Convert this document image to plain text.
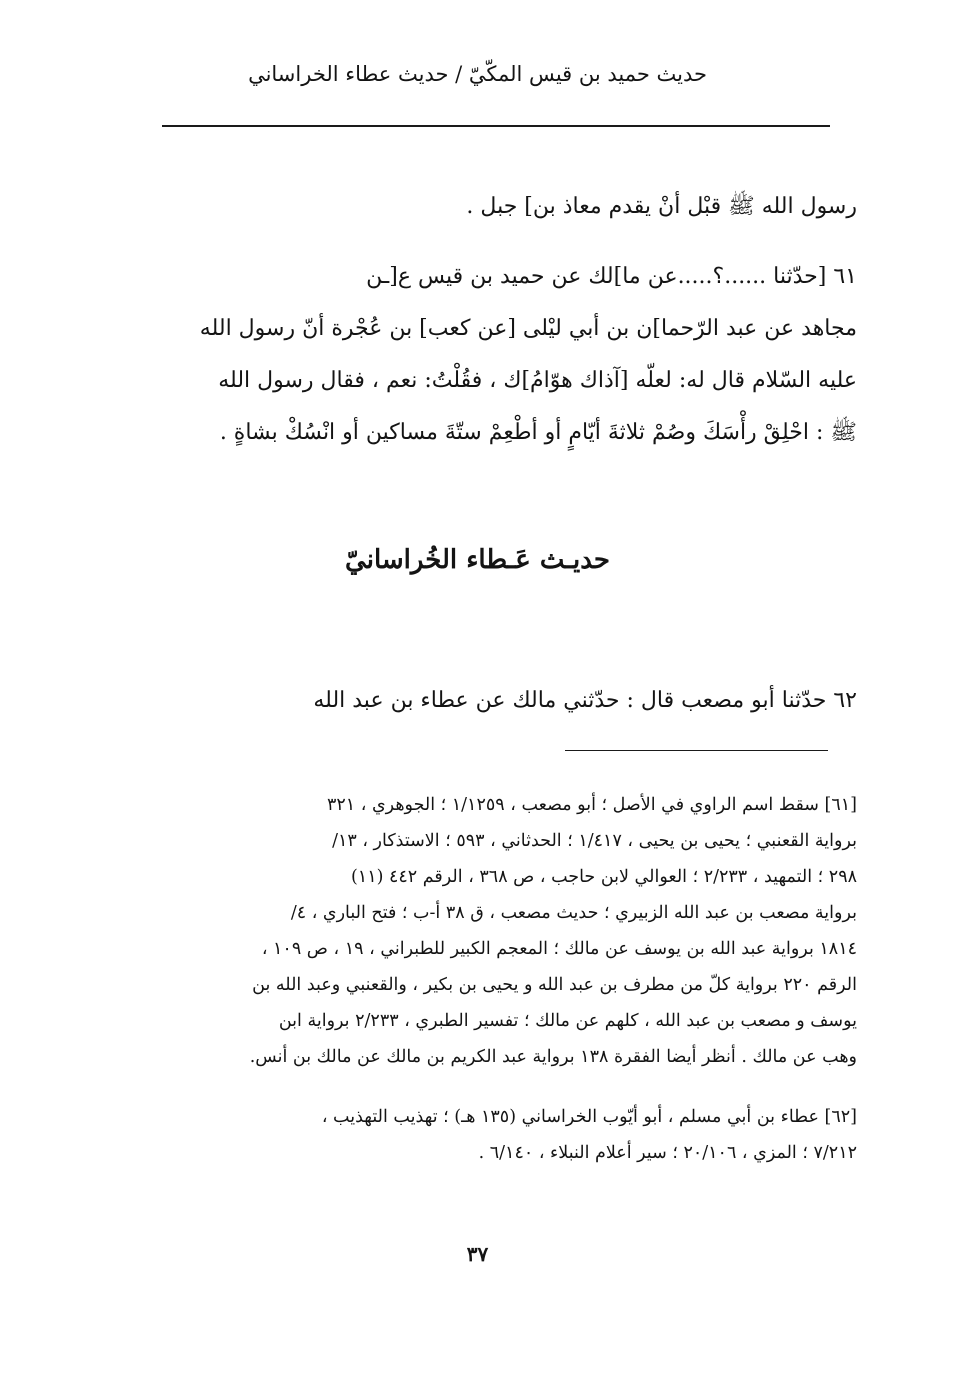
حديث حميد بن قيس المكّيّ / حديث عطاء الخراساني
رسول الله ﷺ قبْل أنْ يقدم معاذ بن] جبل .
٦١ [حدّثنا ......؟.....عن ما]لك عن حميد بن قيس ع[ـن
مجاهد عن عبد الرّحما]ن بن أبي ليْلى [عن كعب] بن عُجْرة أنّ رسول الله
عليه السّلام قال له: لعلّه [آذاك هوّامُ]ك ، فقُلْتُ: نعم ، فقال رسول الله
ﷺ : احْلِقْ رأْسَكَ وصُمْ ثلاثةَ أيّامٍ أو أطْعِمْ ستّةَ مساكين أو انْسُكْ بشاةٍ .
حديـث عَـطاء الخُراسانيّ
٦٢ حدّثنا أبو مصعب قال : حدّثني مالك عن عطاء بن عبد الله
[٦١] سقط اسم الراوي في الأصل ؛ أبو مصعب ، ١/١٢٥٩ ؛ الجوهري ، ٣٢١
برواية القعنبي ؛ يحيى بن يحيى ، ١/٤١٧ ؛ الحدثاني ، ٥٩٣ ؛ الاستذكار ، ١٣/
٢٩٨ ؛ التمهيد ، ٢/٢٣٣ ؛ العوالي لابن حاجب ، ص ٣٦٨ ، الرقم ٤٤٢ (١١)
برواية مصعب بن عبد الله الزبيري ؛ حديث مصعب ، ق ٣٨ أ-ب ؛ فتح الباري ، ٤/
١٨١٤ برواية عبد الله بن يوسف عن مالك ؛ المعجم الكبير للطبراني ، ١٩ ، ص ١٠٩ ،
الرقم ٢٢٠ برواية كلّ من مطرف بن عبد الله و يحيى بن بكير ، والقعنبي وعبد الله بن
يوسف و مصعب بن عبد الله ، كلهم عن مالك ؛ تفسير الطبري ، ٢/٢٣٣ برواية ابن
وهب عن مالك . أنظر أيضا الفقرة ١٣٨ برواية عبد الكريم بن مالك عن مالك بن أنس.
[٦٢] عطاء بن أبي مسلم ، أبو أيّوب الخراساني (١٣٥ هـ) ؛ تهذيب التهذيب ،
٧/٢١٢ ؛ المزي ، ٢٠/١٠٦ ؛ سير أعلام النبلاء ، ٦/١٤٠ .
٣٧
